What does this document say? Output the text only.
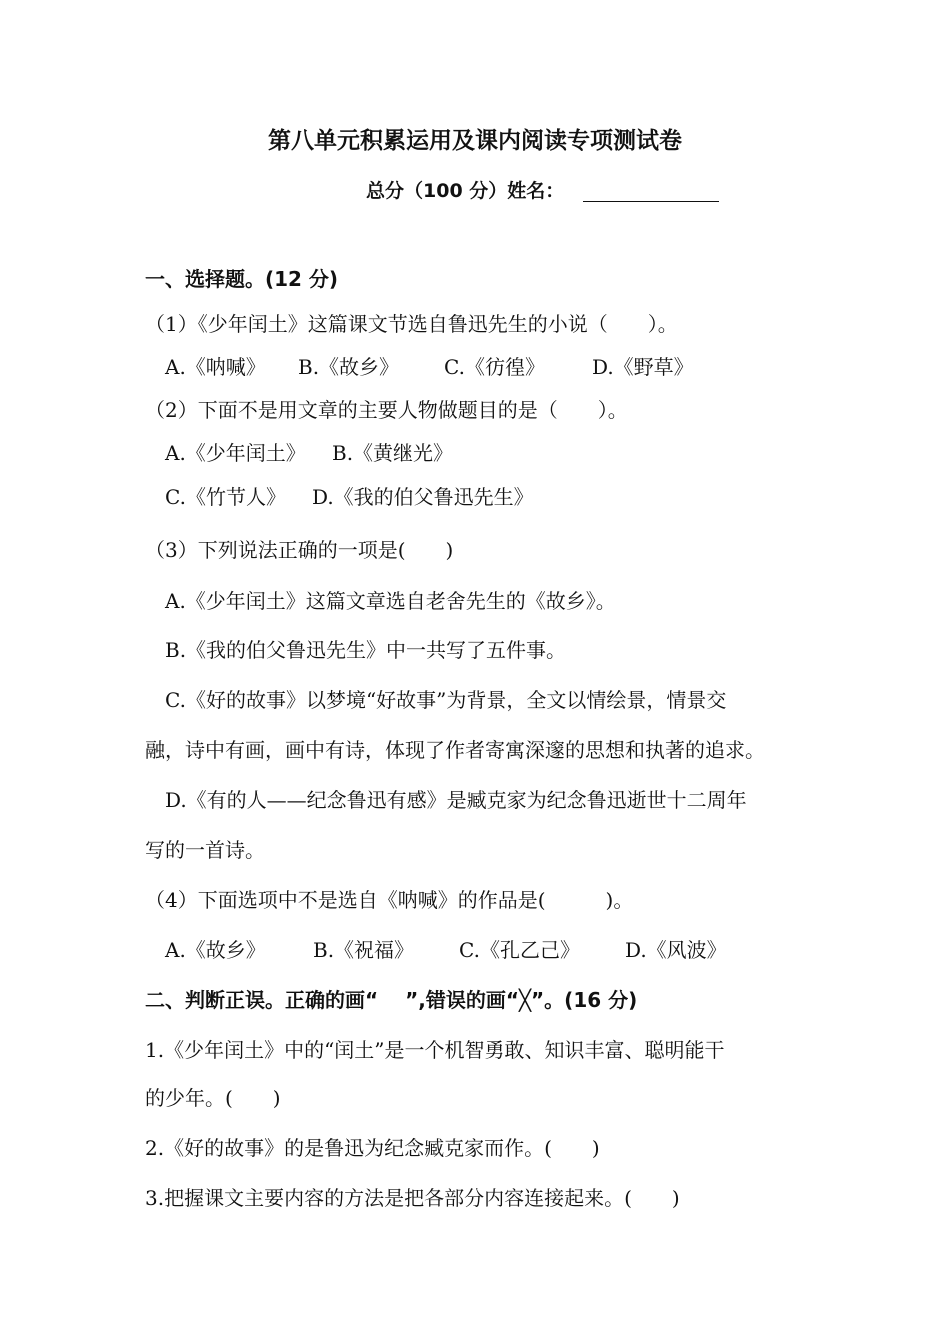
第八单元积累运用及课内阅读专项测试卷
总分（100 分）姓名：
一、选择题。(12 分)
（1）《少年闰土》这篇课文节选自鲁迅先生的小说（　　）。

A.《呐喊》

B.《故乡》

C.《彷徨》

D.《野草》

（2）下面不是用文章的主要人物做题目的是（　　）。

A.《少年闰土》

B.《黄继光》

C.《竹节人》

D.《我的伯父鲁迅先生》

（3）下列说法正确的一项是(　　)
A.《少年闰土》这篇文章选自老舍先生的《故乡》。
B.《我的伯父鲁迅先生》中一共写了五件事。
C.《好的故事》以梦境“好故事”为背景，全文以情绘景，情景交
融，诗中有画，画中有诗，体现了作者寄寓深邃的思想和执著的追求。
D.《有的人——纪念鲁迅有感》是臧克家为纪念鲁迅逝世十二周年
写的一首诗。
（4）下面选项中不是选自《呐喊》的作品是(　　　)。

A.《故乡》

B.《祝福》

C.《孔乙己》

D.《风波》

二、判断正误。正确的画“　 ”,错误的画“╳”。(16 分)
1.《少年闰土》中的“闰土”是一个机智勇敢、知识丰富、聪明能干
的少年。(　　)
2.《好的故事》的是鲁迅为纪念臧克家而作。(　　)
3.把握课文主要内容的方法是把各部分内容连接起来。(　　)
